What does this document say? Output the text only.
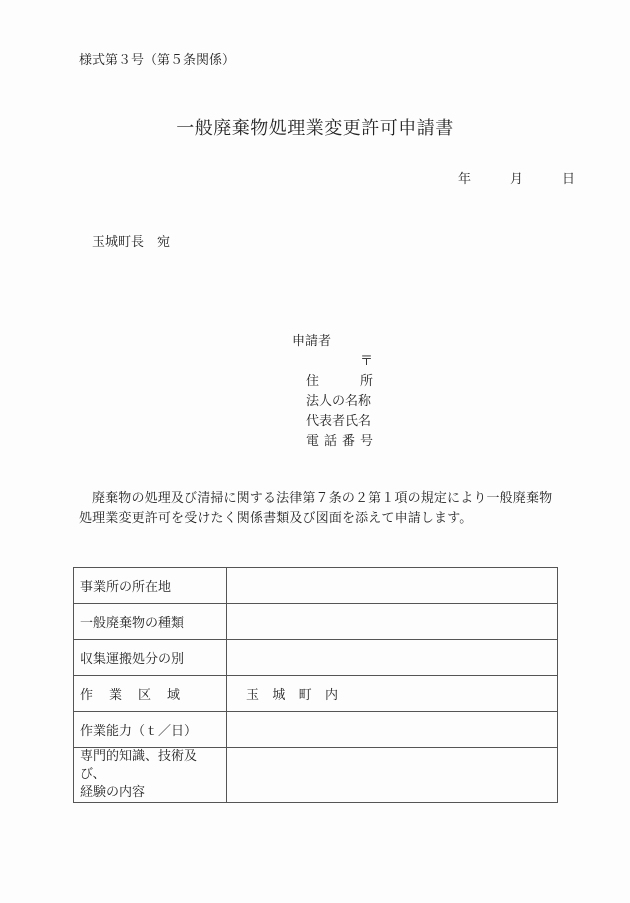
様式第３号（第５条関係）
一般廃棄物処理業変更許可申請書
年	月	日
玉城町長 宛
申請者
〒
住	所
法人の名称
代表者氏名
電 話 番 号
廃棄物の処理及び清掃に関する法律第７条の２第１項の規定により一般廃棄物処理業変更許可を受けたく関係書類及び図面を添えて申請します。
事業所の所在地	
一般廃棄物の種類	
収集運搬処分の別	

作 業 区 域	玉 城 町 内

作業能力（ｔ／日）	

専門的知識、技術及び、
経験の内容	
